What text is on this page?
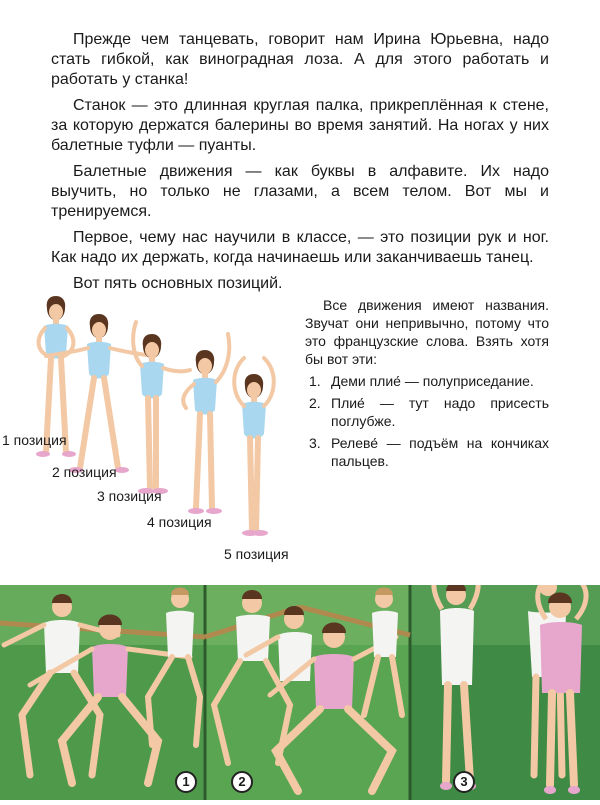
Прежде чем танцевать, говорит нам Ирина Юрьевна, надо стать гибкой, как виноградная лоза. А для этого работать и работать у станка!

Станок — это длинная круглая палка, прикреплённая к стене, за которую держатся балерины во время занятий. На ногах у них балетные туфли — пуанты.

Балетные движения — как буквы в алфавите. Их надо выучить, но только не глазами, а всем телом. Вот мы и тренируемся.

Первое, чему нас научили в классе, — это позиции рук и ног. Как надо их держать, когда начинаешь или заканчиваешь танец.

Вот пять основных позиций.

1 позиция
2 позиция
3 позиция
4 позиция
5 позиция

Все движения имеют названия. Звучат они непривычно, потому что это французские слова. Взять хотя бы вот эти:

1. Деми плие́ — полуприседание.
2. Плие́ — тут надо присесть поглубже.
3. Релеве́ — подъём на кончиках пальцев.
1	2	3
